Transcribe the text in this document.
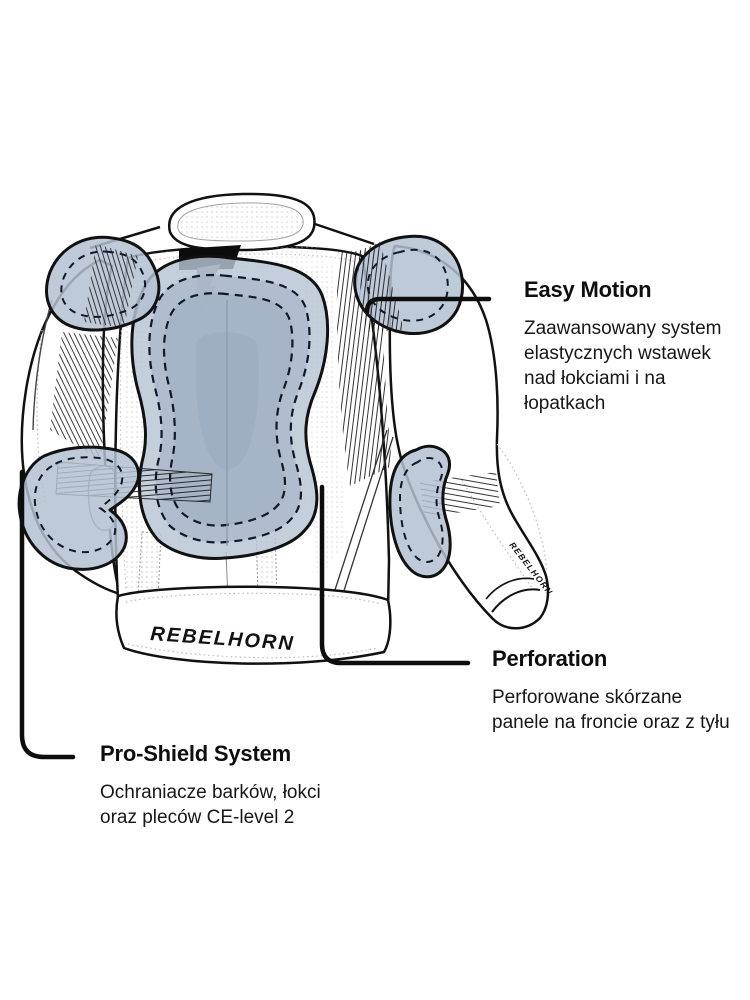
REBELHORN
REBELHORN
Easy Motion
Zaawansowany system
elastycznych wstawek
nad łokciami i na
łopatkach
Perforation
Perforowane skórzane
panele na froncie oraz z tyłu
Pro-Shield System
Ochraniacze barków, łokci
oraz pleców CE-level 2
